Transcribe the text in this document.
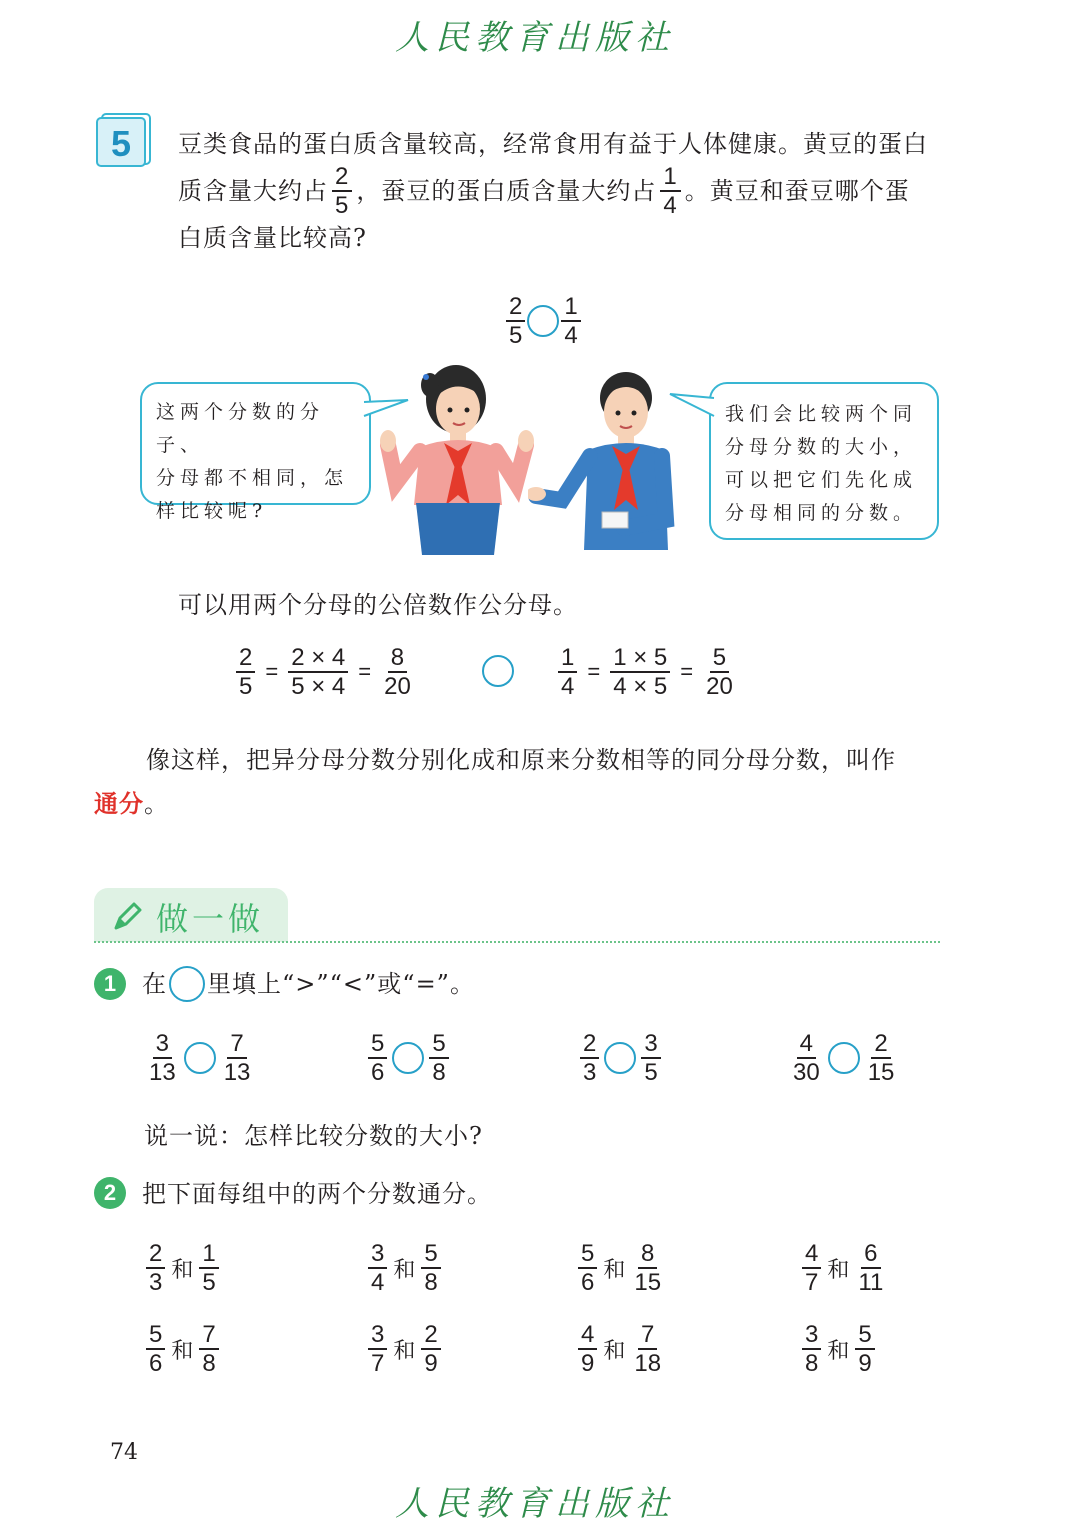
人民教育出版社
5 豆类食品的蛋白质含量较高，经常食用有益于人体健康。黄豆的蛋白
质含量大约占 $\frac{2}{5}$ ，蚕豆的蛋白质含量大约占 $\frac{1}{4}$ 。黄豆和蚕豆哪个蛋
白质含量比较高?
$\frac{2}{5} \frac{1}{4}$
这两个分数的分子、
分母都不相同，怎
样比较呢?
我们会比较两个同
分母分数的大小，
可以把它们先化成
分母相同的分数。
可以用两个分母的公倍数作公分母。
$\frac{2}{5} = \frac{2 \times 4}{5 \times 4} = \frac{8}{20}$	$\frac{1}{4} = \frac{1 \times 5}{4 \times 5} = \frac{5}{20}$
像这样，把异分母分数分别化成和原来分数相等的同分母分数，叫作
通分。
做一做
1	在 里填上“>”“<”或“=”。
$\frac{3}{13} \frac{7}{13}$	$\frac{5}{6} \frac{5}{8}$	$\frac{2}{3} \frac{3}{5}$	$\frac{4}{30} \frac{2}{15}$
说一说：怎样比较分数的大小?
2	把下面每组中的两个分数通分。
$\frac{2}{3}$ 和 $\frac{1}{5}$	$\frac{3}{4}$ 和 $\frac{5}{8}$	$\frac{5}{6}$ 和 $\frac{8}{15}$	$\frac{4}{7}$ 和 $\frac{6}{11}$
$\frac{5}{6}$ 和 $\frac{7}{8}$	$\frac{3}{7}$ 和 $\frac{2}{9}$	$\frac{4}{9}$ 和 $\frac{7}{18}$	$\frac{3}{8}$ 和 $\frac{5}{9}$
74
人民教育出版社
